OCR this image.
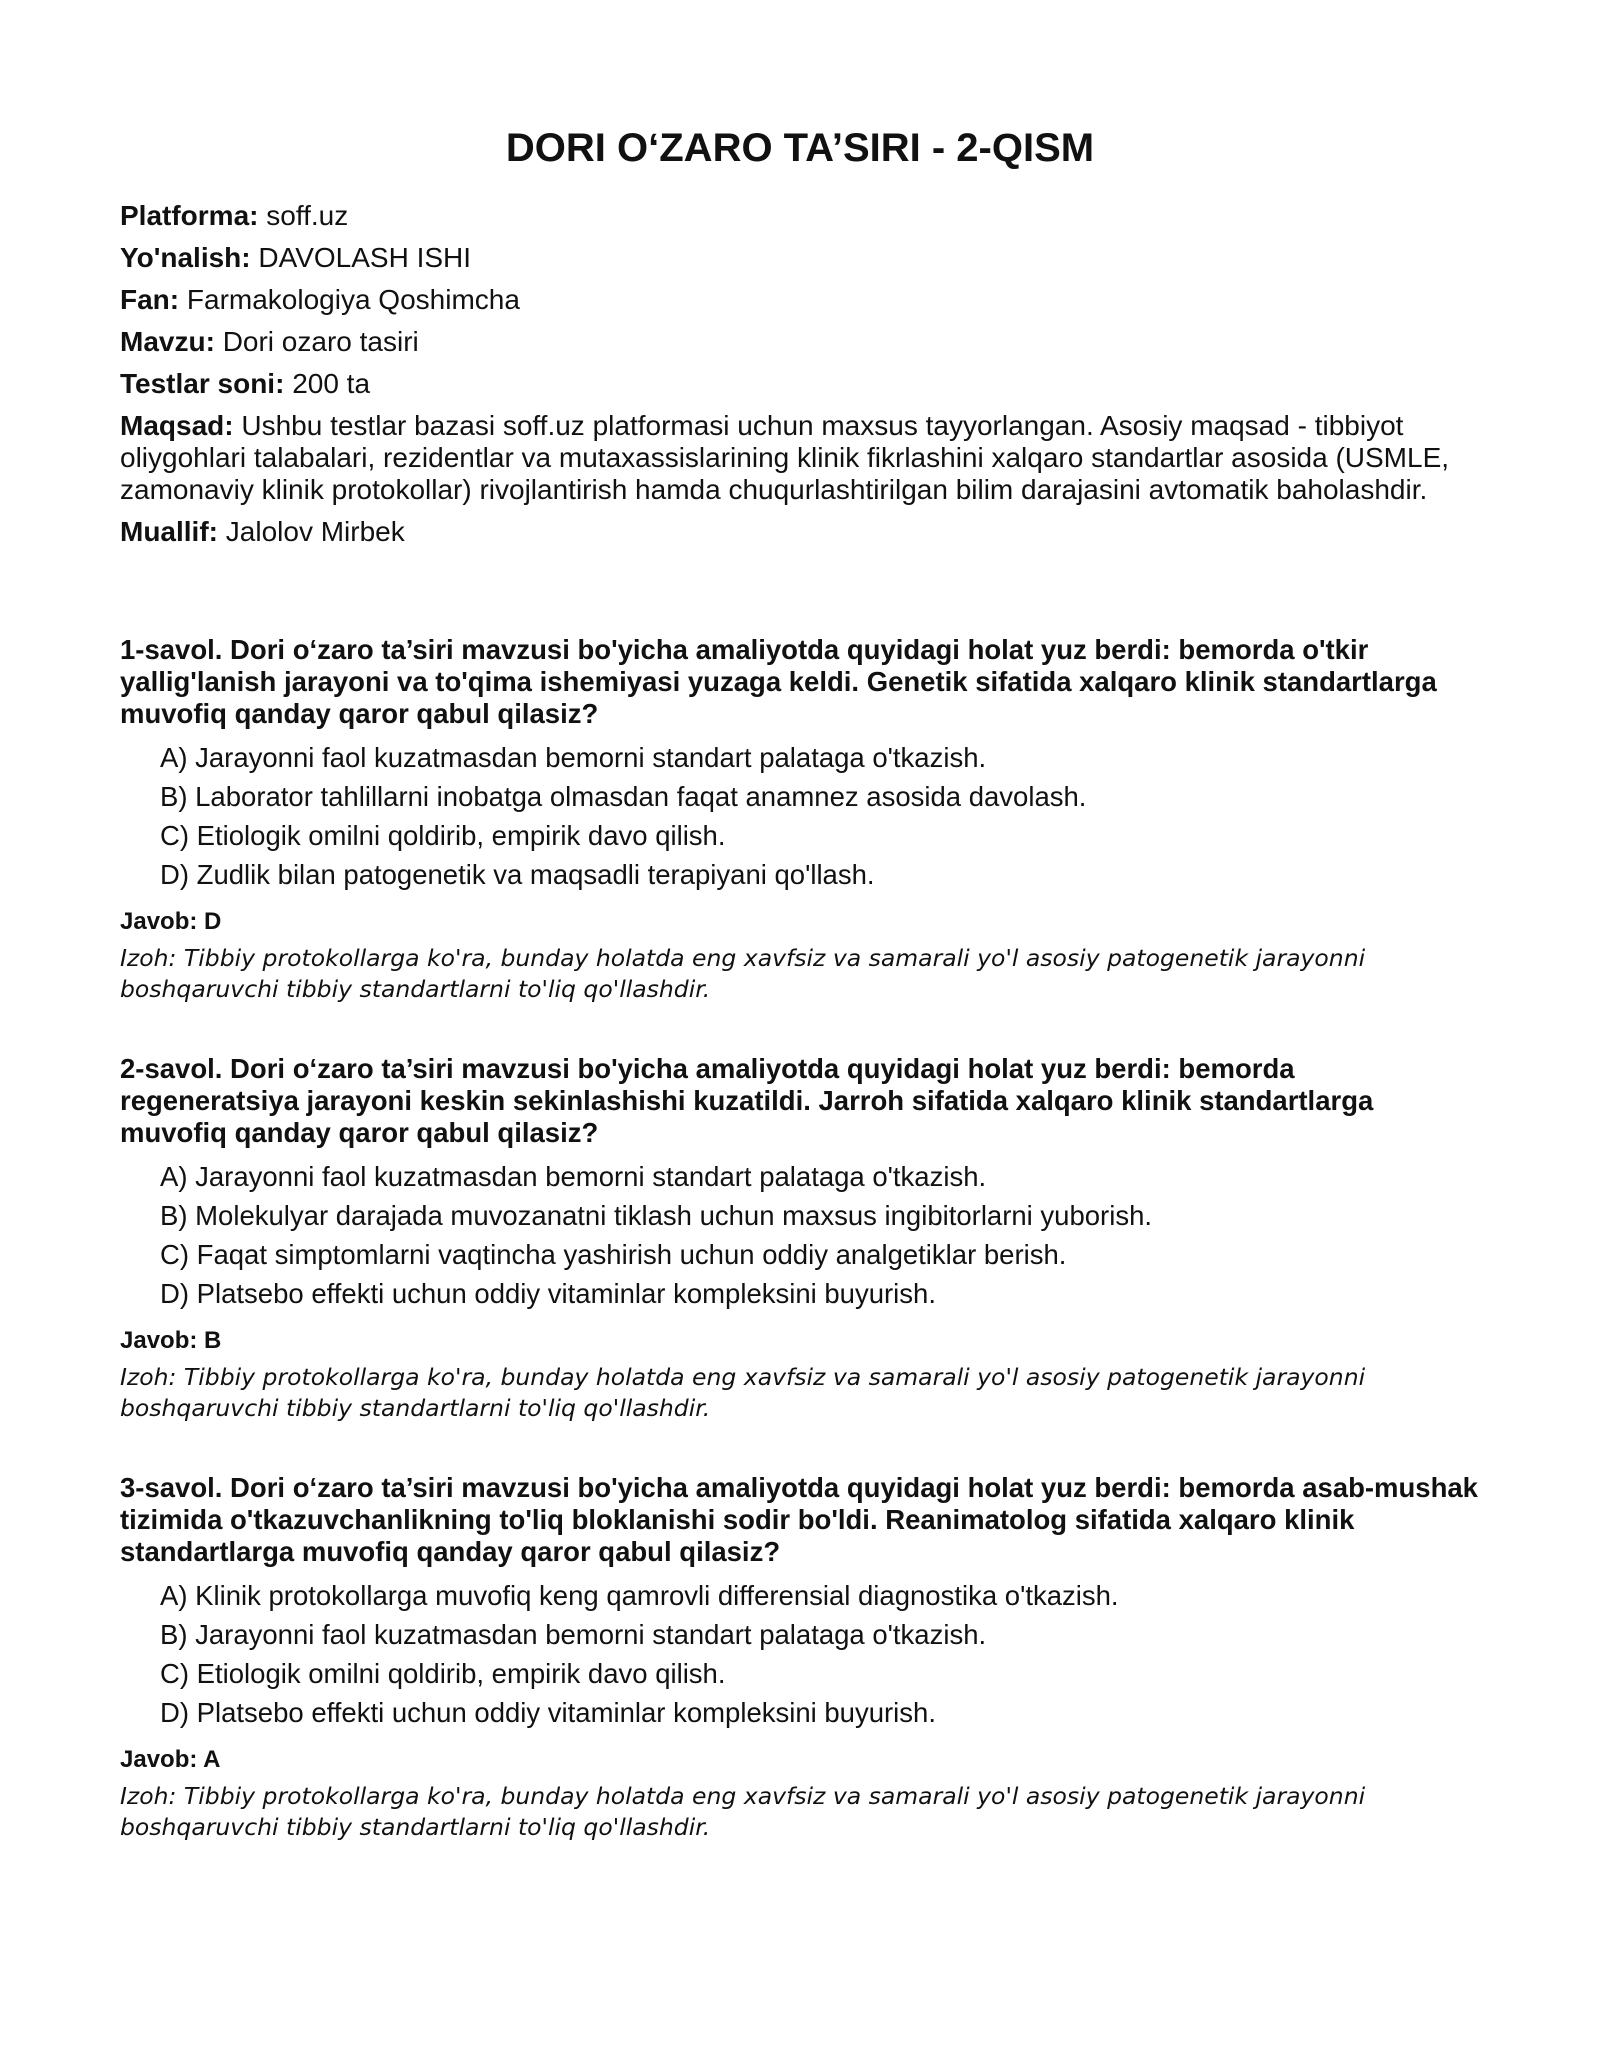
DORI O‘ZARO TA’SIRI - 2-QISM

Platforma: soff.uz

Yo'nalish: DAVOLASH ISHI

Fan: Farmakologiya Qoshimcha

Mavzu: Dori ozaro tasiri

Testlar soni: 200 ta

Maqsad: Ushbu testlar bazasi soff.uz platformasi uchun maxsus tayyorlangan. Asosiy maqsad - tibbiyot oliygohlari talabalari, rezidentlar va mutaxassislarining klinik fikrlashini xalqaro standartlar asosida (USMLE, zamonaviy klinik protokollar) rivojlantirish hamda chuqurlashtirilgan bilim darajasini avtomatik baholashdir.

Muallif: Jalolov Mirbek

1-savol. Dori o‘zaro ta’siri mavzusi bo'yicha amaliyotda quyidagi holat yuz berdi: bemorda o'tkir yallig'lanish jarayoni va to'qima ishemiyasi yuzaga keldi. Genetik sifatida xalqaro klinik standartlarga muvofiq qanday qaror qabul qilasiz?

A) Jarayonni faol kuzatmasdan bemorni standart palataga o'tkazish.
B) Laborator tahlillarni inobatga olmasdan faqat anamnez asosida davolash.
C) Etiologik omilni qoldirib, empirik davo qilish.
D) Zudlik bilan patogenetik va maqsadli terapiyani qo'llash.

Javob: D

Izoh: Tibbiy protokollarga ko'ra, bunday holatda eng xavfsiz va samarali yo'l asosiy patogenetik jarayonni boshqaruvchi tibbiy standartlarni to'liq qo'llashdir.

2-savol. Dori o‘zaro ta’siri mavzusi bo'yicha amaliyotda quyidagi holat yuz berdi: bemorda regeneratsiya jarayoni keskin sekinlashishi kuzatildi. Jarroh sifatida xalqaro klinik standartlarga muvofiq qanday qaror qabul qilasiz?

A) Jarayonni faol kuzatmasdan bemorni standart palataga o'tkazish.
B) Molekulyar darajada muvozanatni tiklash uchun maxsus ingibitorlarni yuborish.
C) Faqat simptomlarni vaqtincha yashirish uchun oddiy analgetiklar berish.
D) Platsebo effekti uchun oddiy vitaminlar kompleksini buyurish.

Javob: B

Izoh: Tibbiy protokollarga ko'ra, bunday holatda eng xavfsiz va samarali yo'l asosiy patogenetik jarayonni boshqaruvchi tibbiy standartlarni to'liq qo'llashdir.

3-savol. Dori o‘zaro ta’siri mavzusi bo'yicha amaliyotda quyidagi holat yuz berdi: bemorda asab-mushak tizimida o'tkazuvchanlikning to'liq bloklanishi sodir bo'ldi. Reanimatolog sifatida xalqaro klinik standartlarga muvofiq qanday qaror qabul qilasiz?

A) Klinik protokollarga muvofiq keng qamrovli differensial diagnostika o'tkazish.
B) Jarayonni faol kuzatmasdan bemorni standart palataga o'tkazish.
C) Etiologik omilni qoldirib, empirik davo qilish.
D) Platsebo effekti uchun oddiy vitaminlar kompleksini buyurish.

Javob: A

Izoh: Tibbiy protokollarga ko'ra, bunday holatda eng xavfsiz va samarali yo'l asosiy patogenetik jarayonni boshqaruvchi tibbiy standartlarni to'liq qo'llashdir.
